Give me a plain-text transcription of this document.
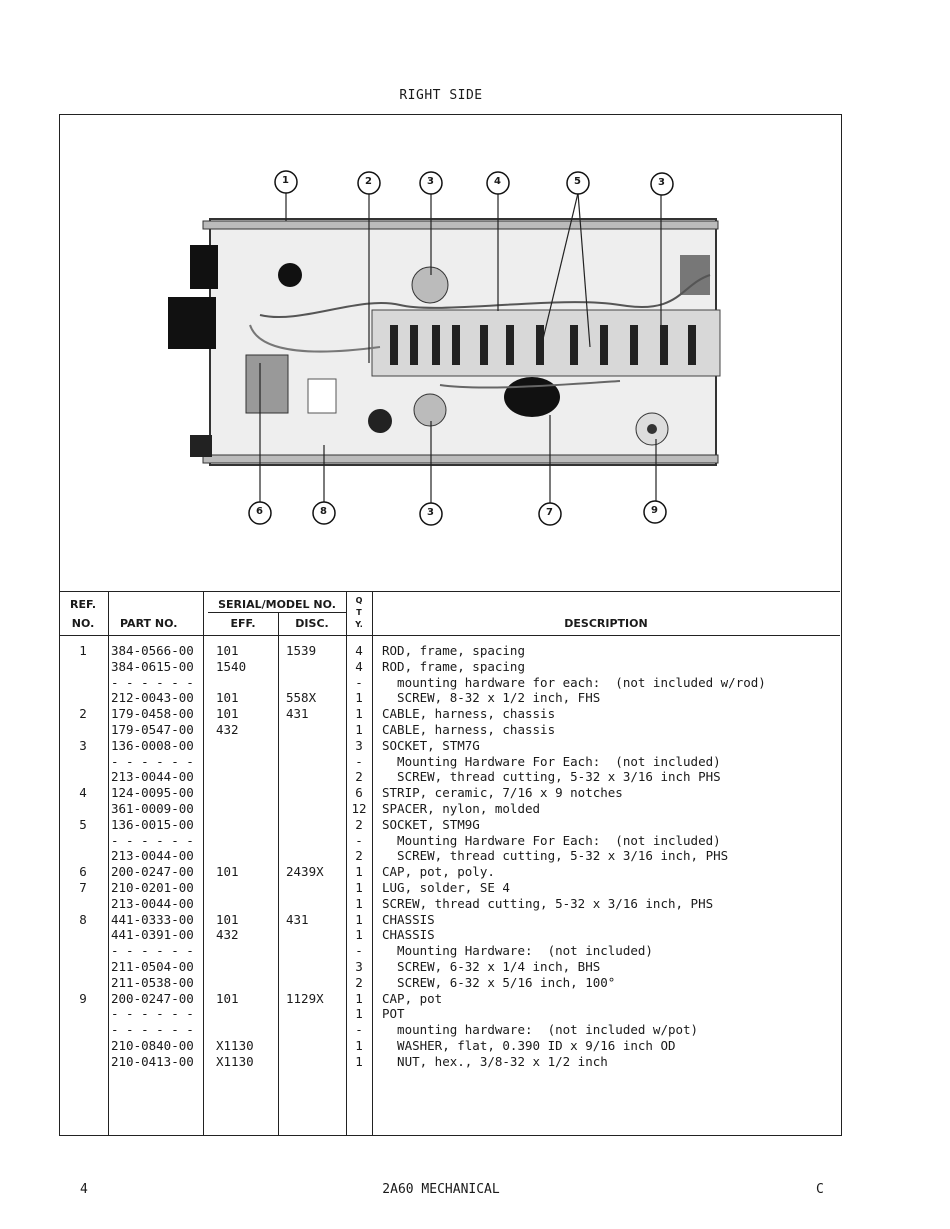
RIGHT SIDE
1	2	3	4	5	3
6	8	3	7	9
REF.
NO.	PART NO.
SERIAL/MODEL NO.
EFF.	DISC.
Q
T
Y.	DESCRIPTION
1	384-0566-00 101	1539	4	ROD, frame, spacing
384-0615-00 1540	4	ROD, frame, spacing
- - - - - -	-	mounting hardware for each:  (not included w/rod)
212-0043-00 101	558X	1	SCREW, 8-32 x 1/2 inch, FHS
2	179-0458-00 101	431	1	CABLE, harness, chassis
179-0547-00 432	1	CABLE, harness, chassis
3	136-0008-00	3	SOCKET, STM7G
- - - - - -	-	Mounting Hardware For Each:  (not included)
213-0044-00	2	SCREW, thread cutting, 5-32 x 3/16 inch PHS
4	124-0095-00	6	STRIP, ceramic, 7/16 x 9 notches
361-0009-00	12	SPACER, nylon, molded
5	136-0015-00	2	SOCKET, STM9G
- - - - - -	-	Mounting Hardware For Each:  (not included)
213-0044-00	2	SCREW, thread cutting, 5-32 x 3/16 inch, PHS
6	200-0247-00 101	2439X	1	CAP, pot, poly.
7	210-0201-00	1	LUG, solder, SE 4
213-0044-00	1	SCREW, thread cutting, 5-32 x 3/16 inch, PHS
8	441-0333-00 101	431	1	CHASSIS
441-0391-00 432	1	CHASSIS
- - - - - -	-	Mounting Hardware:  (not included)
211-0504-00	3	SCREW, 6-32 x 1/4 inch, BHS
211-0538-00	2	SCREW, 6-32 x 5/16 inch, 100°
9	200-0247-00 101	1129X	1	CAP, pot
- - - - - -	1	POT
- - - - - -	-	mounting hardware:  (not included w/pot)
210-0840-00 X1130	1	WASHER, flat, 0.390 ID x 9/16 inch OD
210-0413-00 X1130	1	NUT, hex., 3/8-32 x 1/2 inch
4	2A60 MECHANICAL	C
